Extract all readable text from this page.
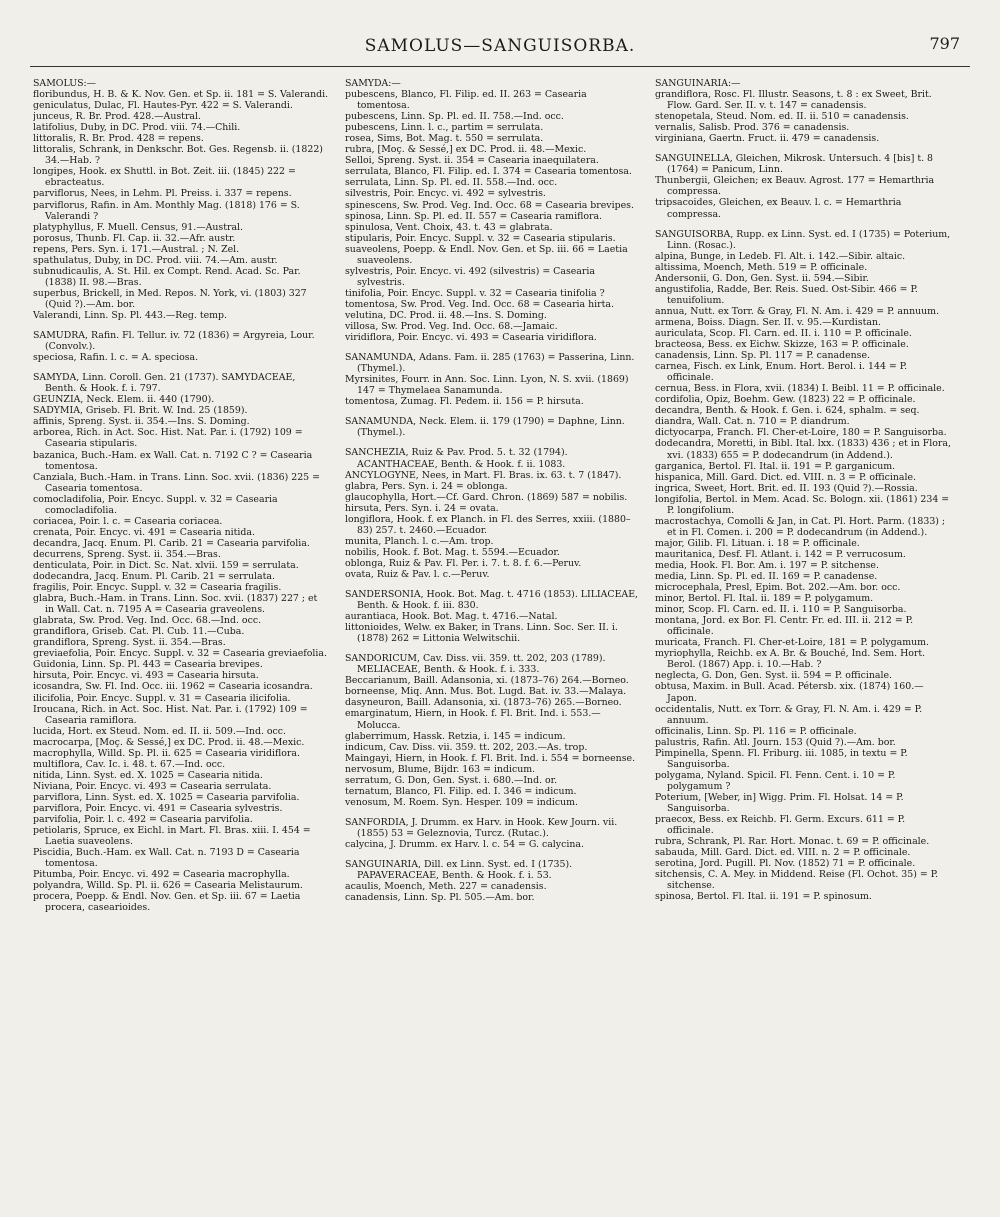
SAMOLUS—SANGUISORBA.	797

SAMOLUS:—

floribundus, H. B. & K. Nov. Gen. et Sp. ii. 181 = S. Valerandi.

geniculatus, Dulac, Fl. Hautes-Pyr. 422 = S. Valerandi.

junceus, R. Br. Prod. 428.—Austral.

latifolius, Duby, in DC. Prod. viii. 74.—Chili.

littoralis, R. Br. Prod. 428 = repens.

littoralis, Schrank, in Denkschr. Bot. Ges. Regensb. ii. (1822) 34.—Hab. ?

longipes, Hook. ex Shuttl. in Bot. Zeit. iii. (1845) 222 = ebracteatus.

parviflorus, Nees, in Lehm. Pl. Preiss. i. 337 = repens.

parviflorus, Rafin. in Am. Monthly Mag. (1818) 176 = S. Valerandi ?

platyphyllus, F. Muell. Census, 91.—Austral.

porosus, Thunb. Fl. Cap. ii. 32.—Afr. austr.

repens, Pers. Syn. i. 171.—Austral. ; N. Zel.

spathulatus, Duby, in DC. Prod. viii. 74.—Am. austr.

subnudicaulis, A. St. Hil. ex Compt. Rend. Acad. Sc. Par. (1838) II. 98.—Bras.

superbus, Brickell, in Med. Repos. N. York, vi. (1803) 327 (Quid ?).—Am. bor.

Valerandi, Linn. Sp. Pl. 443.—Reg. temp.

SAMUDRA, Rafin. Fl. Tellur. iv. 72 (1836) = Argyreia, Lour. (Convolv.).

speciosa, Rafin. l. c. = A. speciosa.

SAMYDA, Linn. Coroll. Gen. 21 (1737). SAMYDACEAE, Benth. & Hook. f. i. 797.

GEUNZIA, Neck. Elem. ii. 440 (1790).

SADYMIA, Griseb. Fl. Brit. W. Ind. 25 (1859).

affinis, Spreng. Syst. ii. 354.—Ins. S. Doming.

arborea, Rich. in Act. Soc. Hist. Nat. Par. i. (1792) 109 = Casearia stipularis.

bazanica, Buch.-Ham. ex Wall. Cat. n. 7192 C ? = Casearia tomentosa.

Canziala, Buch.-Ham. in Trans. Linn. Soc. xvii. (1836) 225 = Casearia tomentosa.

comocladifolia, Poir. Encyc. Suppl. v. 32 = Casearia comocladifolia.

coriacea, Poir. l. c. = Casearia coriacea.

crenata, Poir. Encyc. vi. 491 = Casearia nitida.

decandra, Jacq. Enum. Pl. Carib. 21 = Casearia parvifolia.

decurrens, Spreng. Syst. ii. 354.—Bras.

denticulata, Poir. in Dict. Sc. Nat. xlvii. 159 = serrulata.

dodecandra, Jacq. Enum. Pl. Carib. 21 = serrulata.

fragilis, Poir. Encyc. Suppl. v. 32 = Casearia fragilis.

glabra, Buch.-Ham. in Trans. Linn. Soc. xvii. (1837) 227 ; et in Wall. Cat. n. 7195 A = Casearia graveolens.

glabrata, Sw. Prod. Veg. Ind. Occ. 68.—Ind. occ.

grandiflora, Griseb. Cat. Pl. Cub. 11.—Cuba.

grandiflora, Spreng. Syst. ii. 354.—Bras.

greviaefolia, Poir. Encyc. Suppl. v. 32 = Casearia greviaefolia.

Guidonia, Linn. Sp. Pl. 443 = Casearia brevipes.

hirsuta, Poir. Encyc. vi. 493 = Casearia hirsuta.

icosandra, Sw. Fl. Ind. Occ. iii. 1962 = Casearia icosandra.

ilicifolia, Poir. Encyc. Suppl. v. 31 = Casearia ilicifolia.

Iroucana, Rich. in Act. Soc. Hist. Nat. Par. i. (1792) 109 = Casearia ramiflora.

lucida, Hort. ex Steud. Nom. ed. II. ii. 509.—Ind. occ.

macrocarpa, [Moç. & Sessé,] ex DC. Prod. ii. 48.—Mexic.

macrophylla, Willd. Sp. Pl. ii. 625 = Casearia viridiflora.

multiflora, Cav. Ic. i. 48. t. 67.—Ind. occ.

nitida, Linn. Syst. ed. X. 1025 = Casearia nitida.

Niviana, Poir. Encyc. vi. 493 = Casearia serrulata.

parviflora, Linn. Syst. ed. X. 1025 = Casearia parvifolia.

parviflora, Poir. Encyc. vi. 491 = Casearia sylvestris.

parvifolia, Poir. l. c. 492 = Casearia parvifolia.

petiolaris, Spruce, ex Eichl. in Mart. Fl. Bras. xiii. I. 454 = Laetia suaveolens.

Piscidia, Buch.-Ham. ex Wall. Cat. n. 7193 D = Casearia tomentosa.

Pitumba, Poir. Encyc. vi. 492 = Casearia macrophylla.

polyandra, Willd. Sp. Pl. ii. 626 = Casearia Melistaurum.

procera, Poepp. & Endl. Nov. Gen. et Sp. iii. 67 = Laetia procera, casearioides.

SAMYDA:—

pubescens, Blanco, Fl. Filip. ed. II. 263 = Casearia tomentosa.

pubescens, Linn. Sp. Pl. ed. II. 758.—Ind. occ.

pubescens, Linn. l. c., partim = serrulata.

rosea, Sims, Bot. Mag. t. 550 = serrulata.

rubra, [Moç. & Sessé,] ex DC. Prod. ii. 48.—Mexic.

Selloi, Spreng. Syst. ii. 354 = Casearia inaequilatera.

serrulata, Blanco, Fl. Filip. ed. I. 374 = Casearia tomentosa.

serrulata, Linn. Sp. Pl. ed. II. 558.—Ind. occ.

silvestris, Poir. Encyc. vi. 492 = sylvestris.

spinescens, Sw. Prod. Veg. Ind. Occ. 68 = Casearia brevipes.

spinosa, Linn. Sp. Pl. ed. II. 557 = Casearia ramiflora.

spinulosa, Vent. Choix, 43. t. 43 = glabrata.

stipularis, Poir. Encyc. Suppl. v. 32 = Casearia stipularis.

suaveolens, Poepp. & Endl. Nov. Gen. et Sp. iii. 66 = Laetia suaveolens.

sylvestris, Poir. Encyc. vi. 492 (silvestris) = Casearia sylvestris.

tinifolia, Poir. Encyc. Suppl. v. 32 = Casearia tinifolia ?

tomentosa, Sw. Prod. Veg. Ind. Occ. 68 = Casearia hirta.

velutina, DC. Prod. ii. 48.—Ins. S. Doming.

villosa, Sw. Prod. Veg. Ind. Occ. 68.—Jamaic.

viridiflora, Poir. Encyc. vi. 493 = Casearia viridiflora.

SANAMUNDA, Adans. Fam. ii. 285 (1763) = Passerina, Linn. (Thymel.).

Myrsinites, Fourr. in Ann. Soc. Linn. Lyon, N. S. xvii. (1869) 147 = Thymelaea Sanamunda.

tomentosa, Zumag. Fl. Pedem. ii. 156 = P. hirsuta.

SANAMUNDA, Neck. Elem. ii. 179 (1790) = Daphne, Linn. (Thymel.).

SANCHEZIA, Ruiz & Pav. Prod. 5. t. 32 (1794). ACANTHACEAE, Benth. & Hook. f. ii. 1083.

ANCYLOGYNE, Nees, in Mart. Fl. Bras. ix. 63. t. 7 (1847).

glabra, Pers. Syn. i. 24 = oblonga.

glaucophylla, Hort.—Cf. Gard. Chron. (1869) 587 = nobilis.

hirsuta, Pers. Syn. i. 24 = ovata.

longiflora, Hook. f. ex Planch. in Fl. des Serres, xxiii. (1880–83) 257. t. 2460.—Ecuador.

munita, Planch. l. c.—Am. trop.

nobilis, Hook. f. Bot. Mag. t. 5594.—Ecuador.

oblonga, Ruiz & Pav. Fl. Per. i. 7. t. 8. f. 6.—Peruv.

ovata, Ruiz & Pav. l. c.—Peruv.

SANDERSONIA, Hook. Bot. Mag. t. 4716 (1853). LILIACEAE, Benth. & Hook. f. iii. 830.

aurantiaca, Hook. Bot. Mag. t. 4716.—Natal.

littonioides, Welw. ex Baker, in Trans. Linn. Soc. Ser. II. i. (1878) 262 = Littonia Welwitschii.

SANDORICUM, Cav. Diss. vii. 359. tt. 202, 203 (1789). MELIACEAE, Benth. & Hook. f. i. 333.

Beccarianum, Baill. Adansonia, xi. (1873–76) 264.—Borneo.

borneense, Miq. Ann. Mus. Bot. Lugd. Bat. iv. 33.—Malaya.

dasyneuron, Baill. Adansonia, xi. (1873–76) 265.—Borneo.

emarginatum, Hiern, in Hook. f. Fl. Brit. Ind. i. 553.—Molucca.

glaberrimum, Hassk. Retzia, i. 145 = indicum.

indicum, Cav. Diss. vii. 359. tt. 202, 203.—As. trop.

Maingayi, Hiern, in Hook. f. Fl. Brit. Ind. i. 554 = borneense.

nervosum, Blume, Bijdr. 163 = indicum.

serratum, G. Don, Gen. Syst. i. 680.—Ind. or.

ternatum, Blanco, Fl. Filip. ed. I. 346 = indicum.

venosum, M. Roem. Syn. Hesper. 109 = indicum.

SANFORDIA, J. Drumm. ex Harv. in Hook. Kew Journ. vii. (1855) 53 = Geleznovia, Turcz. (Rutac.).

calycina, J. Drumm. ex Harv. l. c. 54 = G. calycina.

SANGUINARIA, Dill. ex Linn. Syst. ed. I (1735). PAPAVERACEAE, Benth. & Hook. f. i. 53.

acaulis, Moench, Meth. 227 = canadensis.

canadensis, Linn. Sp. Pl. 505.—Am. bor.

SANGUINARIA:—

grandiflora, Rosc. Fl. Illustr. Seasons, t. 8 : ex Sweet, Brit. Flow. Gard. Ser. II. v. t. 147 = canadensis.

stenopetala, Steud. Nom. ed. II. ii. 510 = canadensis.

vernalis, Salisb. Prod. 376 = canadensis.

virginiana, Gaertn. Fruct. ii. 479 = canadensis.

SANGUINELLA, Gleichen, Mikrosk. Untersuch. 4 [bis] t. 8 (1764) = Panicum, Linn.

Thunbergii, Gleichen; ex Beauv. Agrost. 177 = Hemarthria compressa.

tripsacoides, Gleichen, ex Beauv. l. c. = Hemarthria compressa.

SANGUISORBA, Rupp. ex Linn. Syst. ed. I (1735) = Poterium, Linn. (Rosac.).

alpina, Bunge, in Ledeb. Fl. Alt. i. 142.—Sibir. altaic.

altissima, Moench, Meth. 519 = P. officinale.

Andersonii, G. Don, Gen. Syst. ii. 594.—Sibir.

angustifolia, Radde, Ber. Reis. Sued. Ost-Sibir. 466 = P. tenuifolium.

annua, Nutt. ex Torr. & Gray, Fl. N. Am. i. 429 = P. annuum.

armena, Boiss. Diagn. Ser. II. v. 95.—Kurdistan.

auriculata, Scop. Fl. Carn. ed. II. i. 110 = P. officinale.

bracteosa, Bess. ex Eichw. Skizze, 163 = P. officinale.

canadensis, Linn. Sp. Pl. 117 = P. canadense.

carnea, Fisch. ex Link, Enum. Hort. Berol. i. 144 = P. officinale.

cernua, Bess. in Flora, xvii. (1834) I. Beibl. 11 = P. officinale.

cordifolia, Opiz, Boehm. Gew. (1823) 22 = P. officinale.

decandra, Benth. & Hook. f. Gen. i. 624, sphalm. = seq.

diandra, Wall. Cat. n. 710 = P. diandrum.

dictyocarpa, Franch. Fl. Cher-et-Loire, 180 = P. Sanguisorba.

dodecandra, Moretti, in Bibl. Ital. lxx. (1833) 436 ; et in Flora, xvi. (1833) 655 = P. dodecandrum (in Addend.).

garganica, Bertol. Fl. Ital. ii. 191 = P. garganicum.

hispanica, Mill. Gard. Dict. ed. VIII. n. 3 = P. officinale.

ingrica, Sweet, Hort. Brit. ed. II. 193 (Quid ?).—Rossia.

longifolia, Bertol. in Mem. Acad. Sc. Bologn. xii. (1861) 234 = P. longifolium.

macrostachya, Comolli & Jan, in Cat. Pl. Hort. Parm. (1833) ; et in Fl. Comen. i. 200 = P. dodecandrum (in Addend.).

major, Gilib. Fl. Lituan. i. 18 = P. officinale.

mauritanica, Desf. Fl. Atlant. i. 142 = P. verrucosum.

media, Hook. Fl. Bor. Am. i. 197 = P. sitchense.

media, Linn. Sp. Pl. ed. II. 169 = P. canadense.

microcephala, Presl, Epim. Bot. 202.—Am. bor. occ.

minor, Bertol. Fl. Ital. ii. 189 = P. polygamum.

minor, Scop. Fl. Carn. ed. II. i. 110 = P. Sanguisorba.

montana, Jord. ex Bor. Fl. Centr. Fr. ed. III. ii. 212 = P. officinale.

muricata, Franch. Fl. Cher-et-Loire, 181 = P. polygamum.

myriophylla, Reichb. ex A. Br. & Bouché, Ind. Sem. Hort. Berol. (1867) App. i. 10.—Hab. ?

neglecta, G. Don, Gen. Syst. ii. 594 = P. officinale.

obtusa, Maxim. in Bull. Acad. Pétersb. xix. (1874) 160.—Japon.

occidentalis, Nutt. ex Torr. & Gray, Fl. N. Am. i. 429 = P. annuum.

officinalis, Linn. Sp. Pl. 116 = P. officinale.

palustris, Rafin. Atl. Journ. 153 (Quid ?).—Am. bor.

Pimpinella, Spenn. Fl. Friburg. iii. 1085, in textu = P. Sanguisorba.

polygama, Nyland. Spicil. Fl. Fenn. Cent. i. 10 = P. polygamum ?

Poterium, [Weber, in] Wigg. Prim. Fl. Holsat. 14 = P. Sanguisorba.

praecox, Bess. ex Reichb. Fl. Germ. Excurs. 611 = P. officinale.

rubra, Schrank, Pl. Rar. Hort. Monac. t. 69 = P. officinale.

sabauda, Mill. Gard. Dict. ed. VIII. n. 2 = P. officinale.

serotina, Jord. Pugill. Pl. Nov. (1852) 71 = P. officinale.

sitchensis, C. A. Mey. in Middend. Reise (Fl. Ochot. 35) = P. sitchense.

spinosa, Bertol. Fl. Ital. ii. 191 = P. spinosum.
